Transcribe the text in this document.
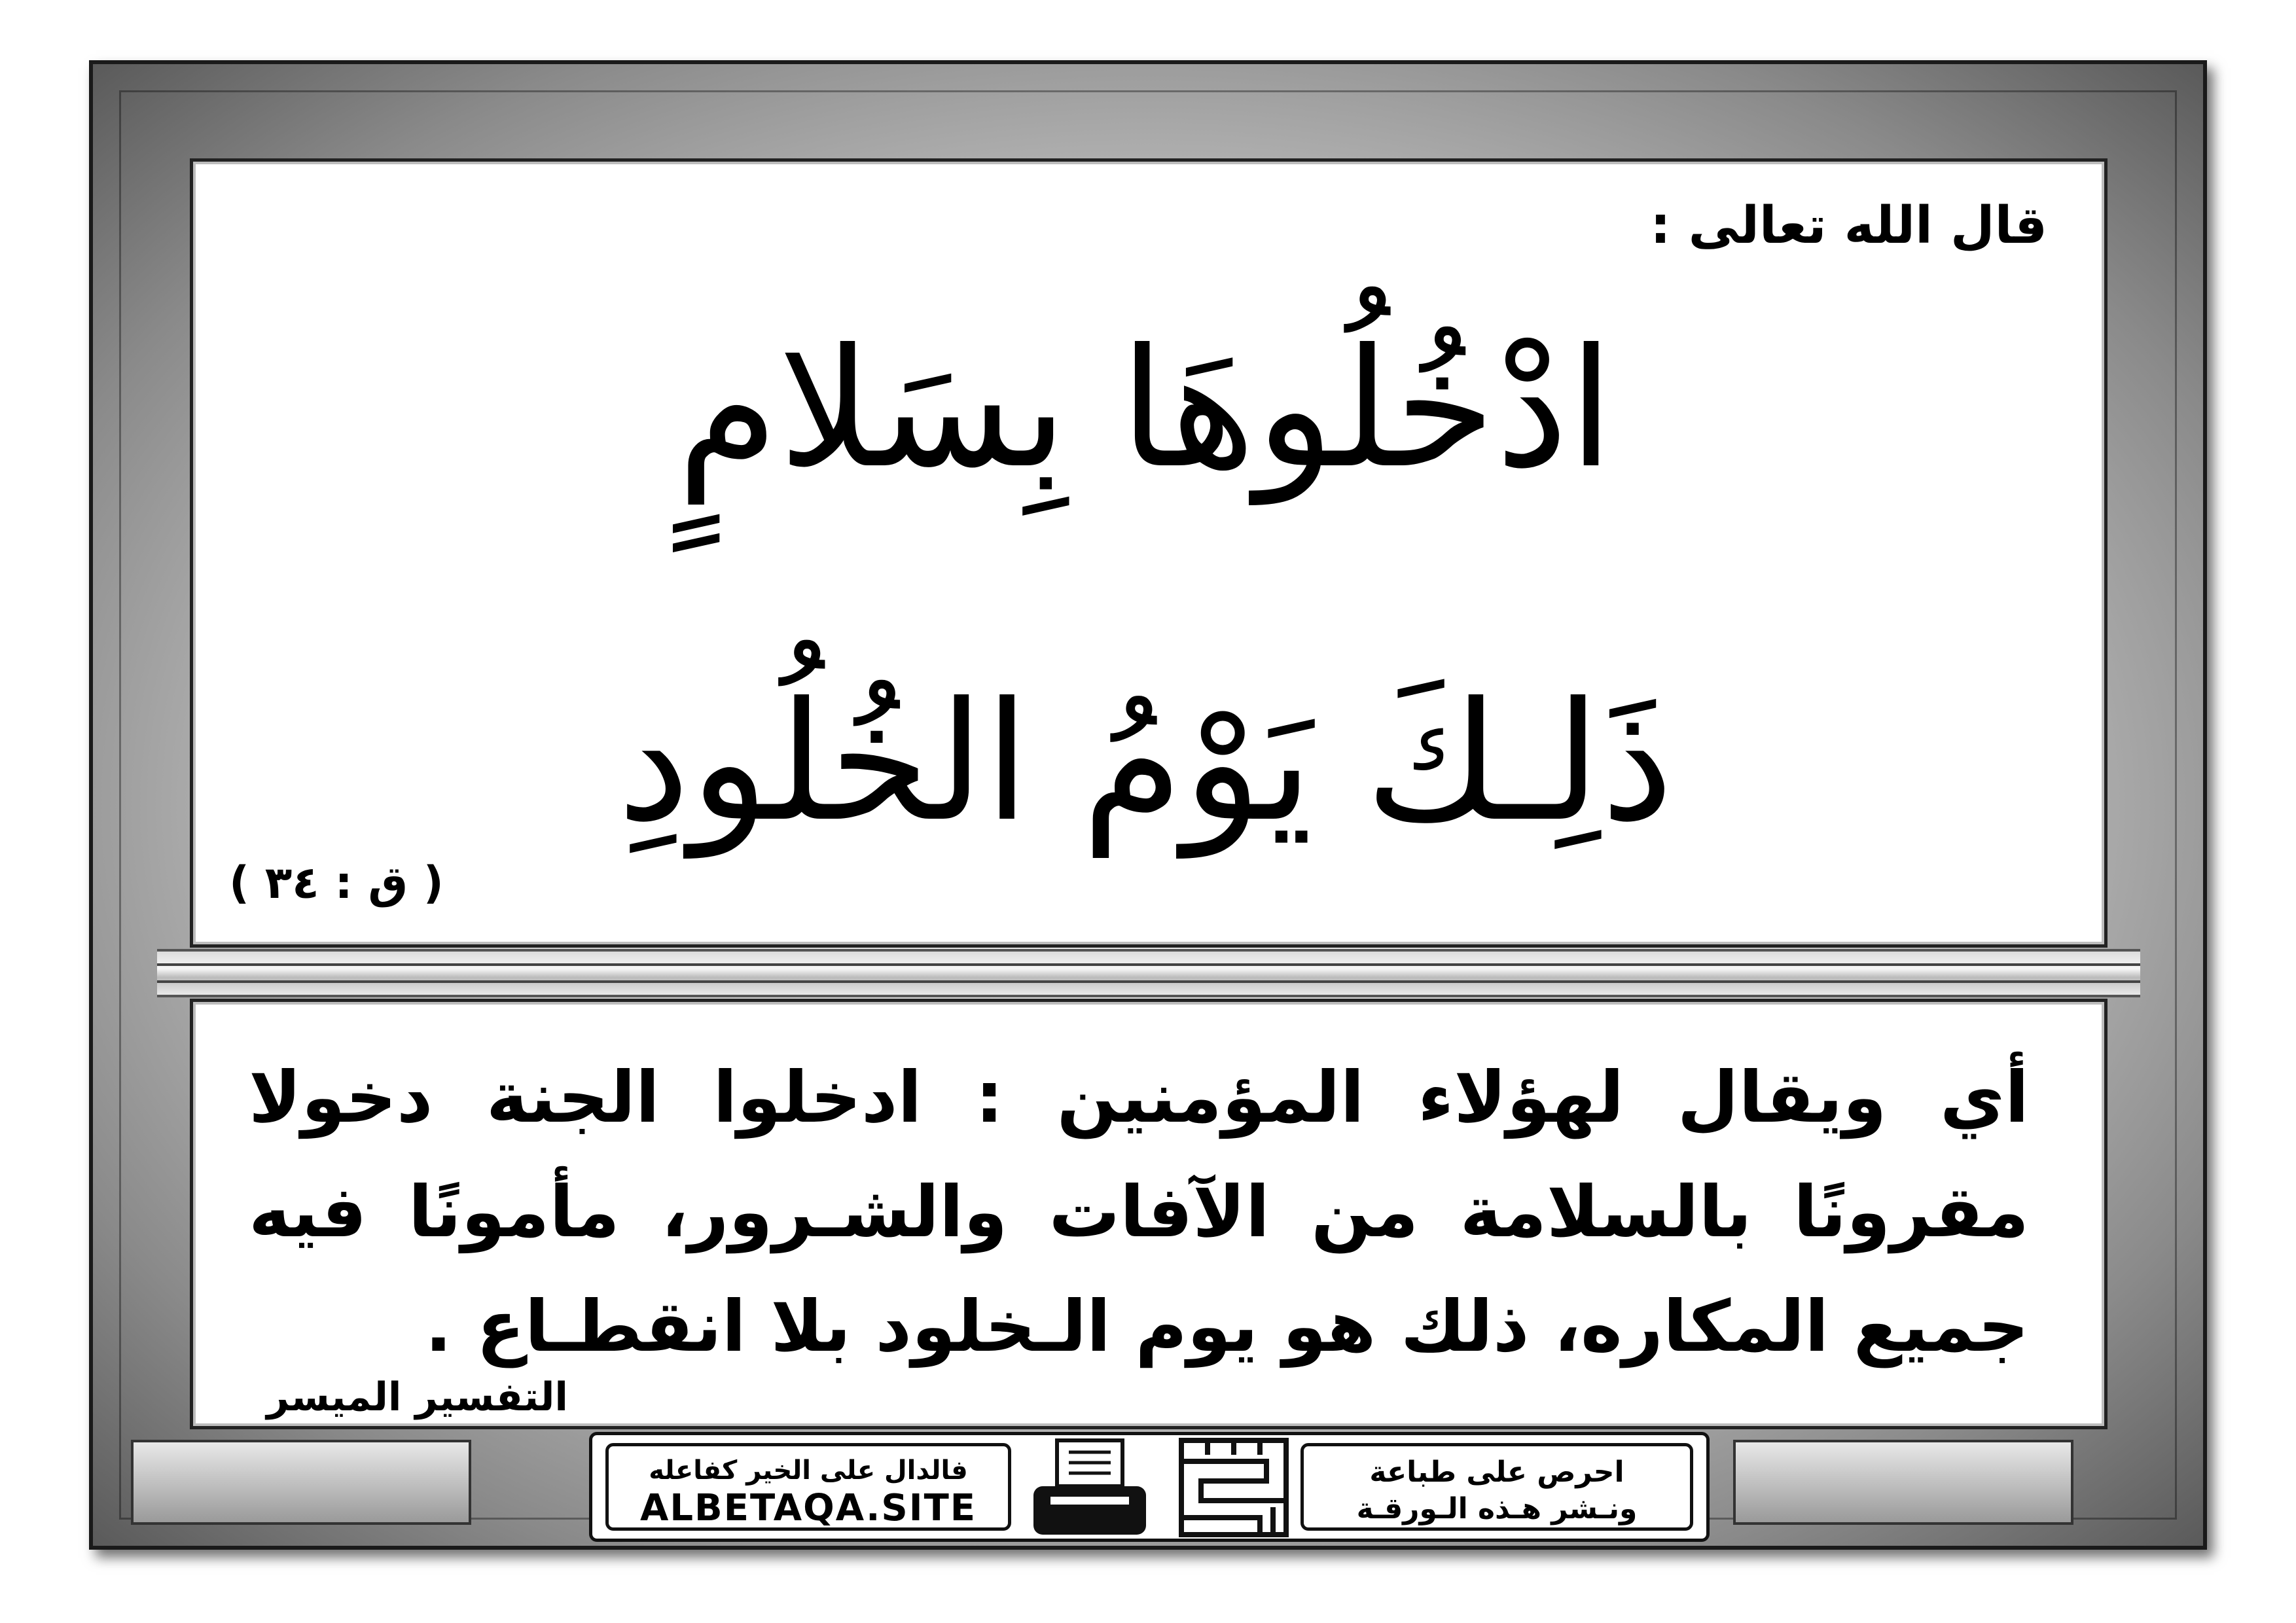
قال الله تعالى :
ادْخُلُوهَا بِسَلامٍ
ذَلِـكَ يَوْمُ الخُلُودِ
( ق : ٣٤ )
أي ويقال لهؤلاء المؤمنين : ادخلوا الجنة دخولا مقرونًا بالسلامة من الآفات والشـرور، مأمونًا فيه جميع المكاره، ذلك هو يوم الـخلود بلا انقطـاع .
التفسير الميسر
فالدال على الخير كفاعله
ALBETAQA.SITE
الدعوة بالورقة
احرص على طباعة
ونـشر هـذه الـورقـة
